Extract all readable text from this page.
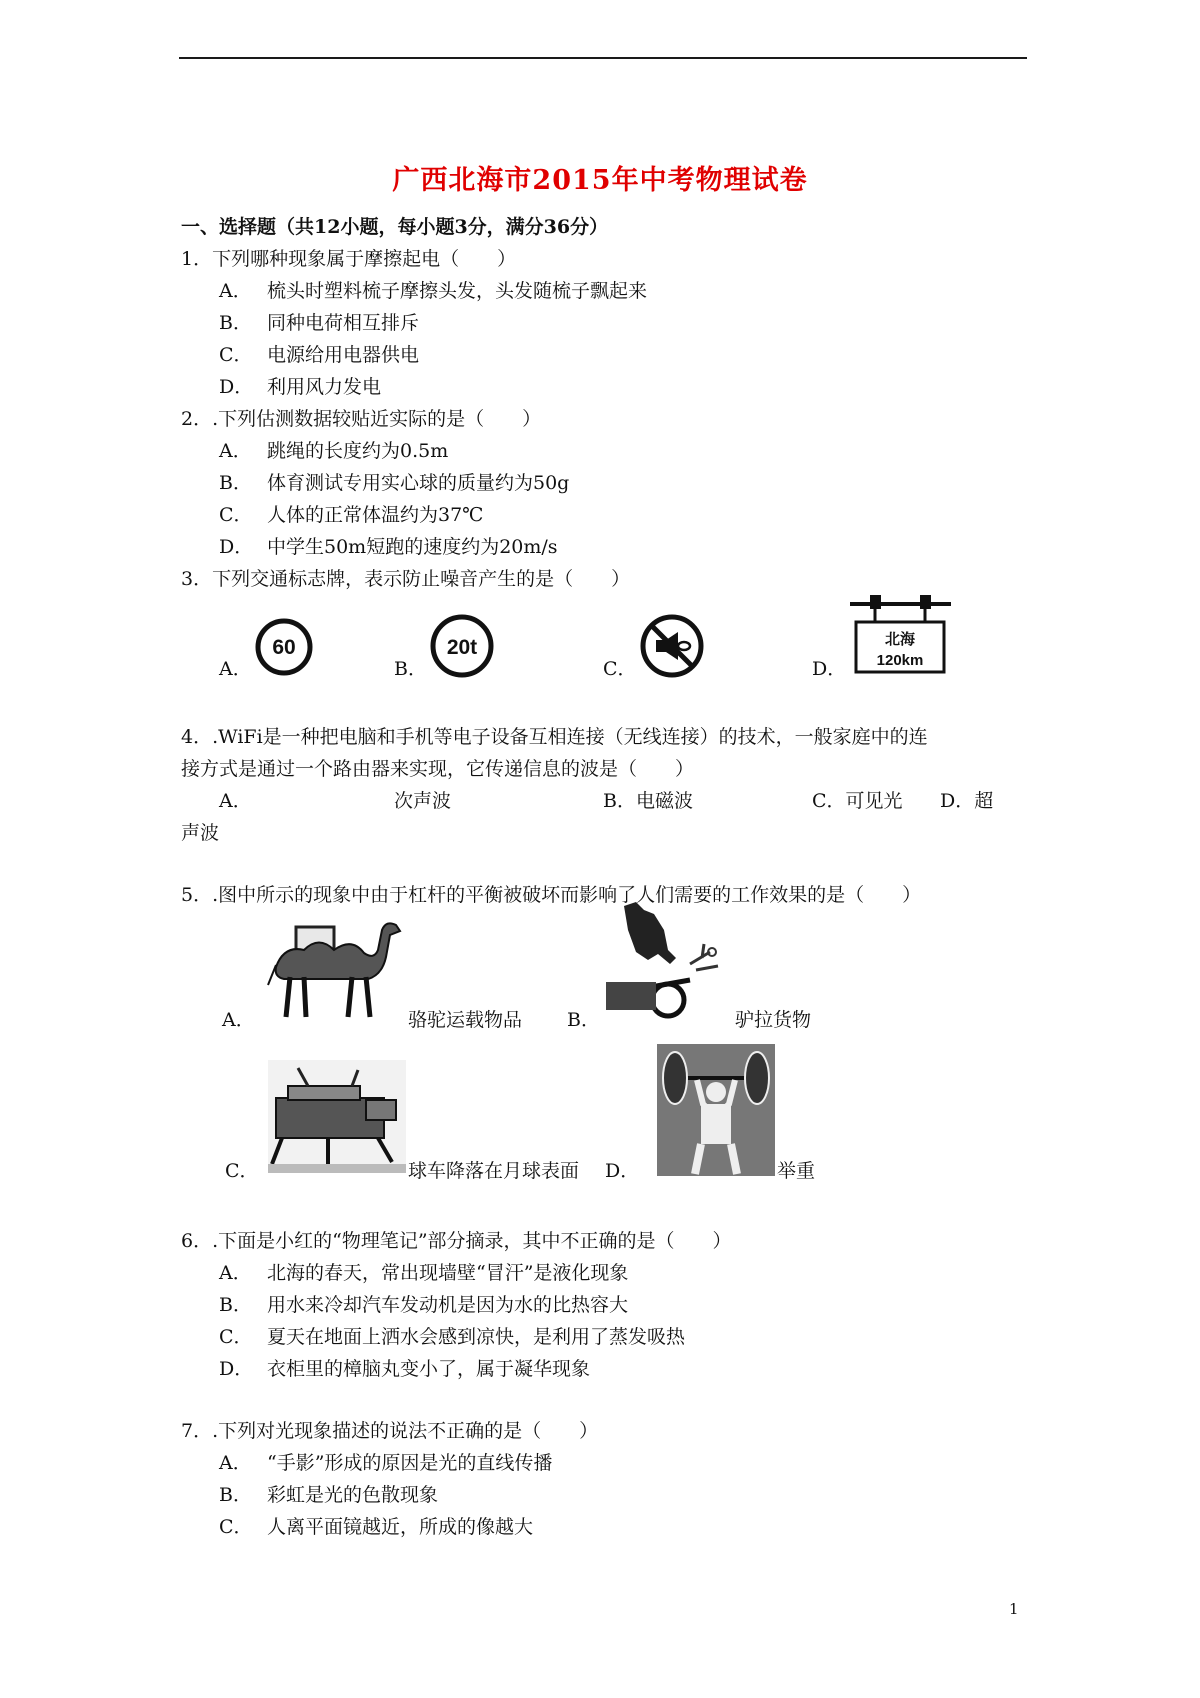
广西北海市2015年中考物理试卷
一、选择题（共12小题，每小题3分，满分36分）
1．下列哪种现象属于摩擦起电（　　）
A． 梳头时塑料梳子摩擦头发，头发随梳子飘起来
B． 同种电荷相互排斥
C． 电源给用电器供电
D． 利用风力发电
2．.下列估测数据较贴近实际的是（　　）
A． 跳绳的长度约为0.5m
B． 体育测试专用实心球的质量约为50g
C． 人体的正常体温约为37℃
D． 中学生50m短跑的速度约为20m/s
3．下列交通标志牌，表示防止噪音产生的是（　　）
A．	B．	C．	D．
60	20t	北海
120km
4．.WiFi是一种把电脑和手机等电子设备互相连接（无线连接）的技术，一般家庭中的连
接方式是通过一个路由器来实现，它传递信息的波是（　　）
A．	次声波	B．电磁波	C．可见光 D．超
声波
5．.图中所示的现象中由于杠杆的平衡被破坏而影响了人们需要的工作效果的是（　　）
A．	骆驼运载物品 B．	驴拉货物
C．	球车降落在月球表面 D．	举重
6．.下面是小红的“物理笔记”部分摘录，其中不正确的是（　　）
A． 北海的春天，常出现墙壁“冒汗”是液化现象
B． 用水来冷却汽车发动机是因为水的比热容大
C． 夏天在地面上洒水会感到凉快，是利用了蒸发吸热
D． 衣柜里的樟脑丸变小了，属于凝华现象
7．.下列对光现象描述的说法不正确的是（　　）
A． “手影”形成的原因是光的直线传播
B． 彩虹是光的色散现象
C． 人离平面镜越近，所成的像越大
1
